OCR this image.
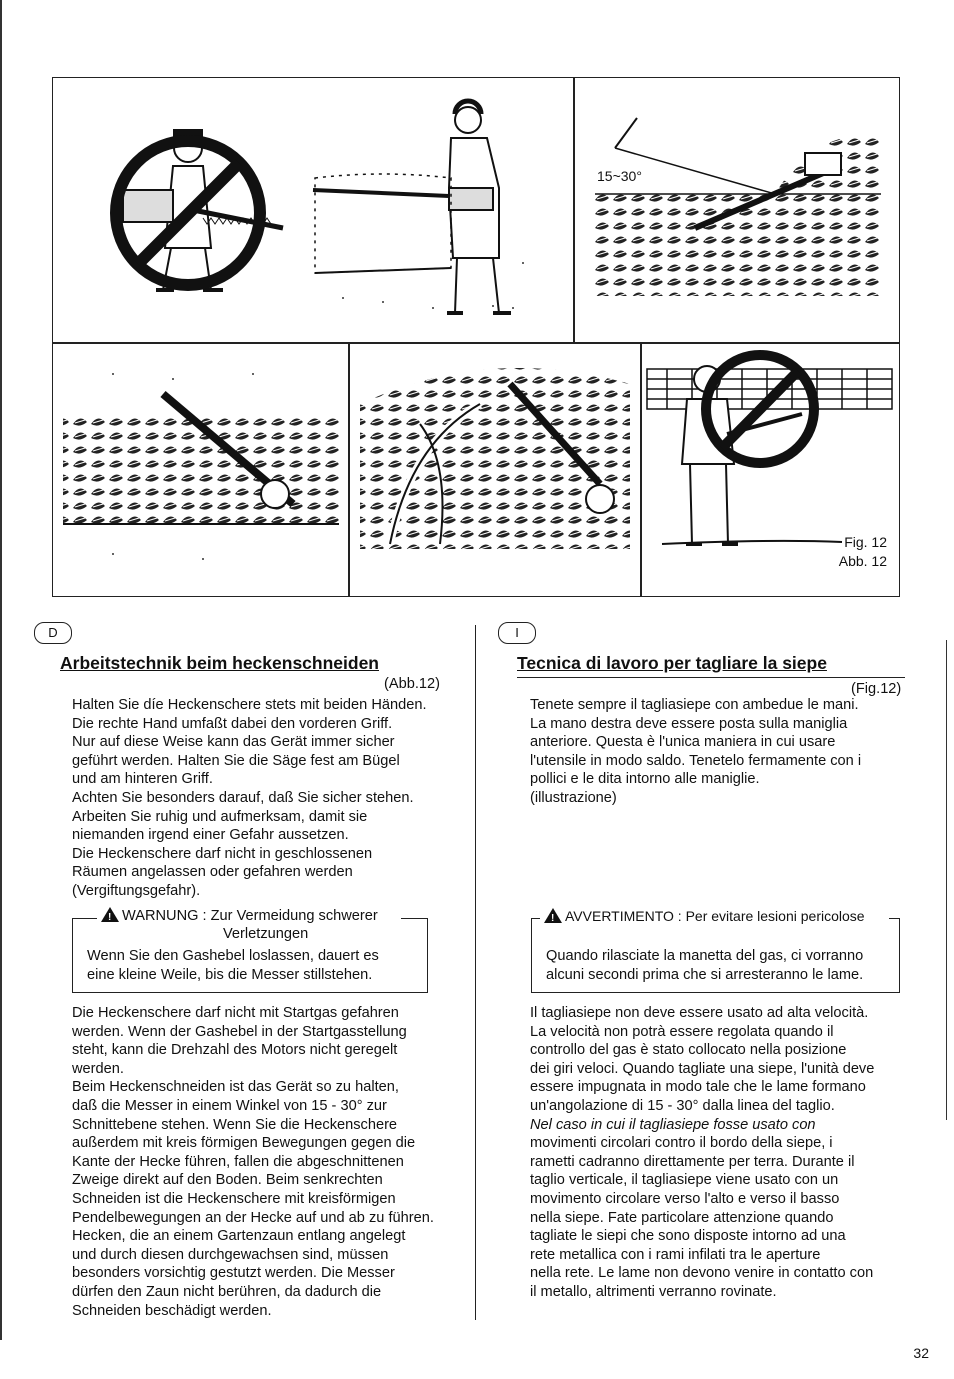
15~30°
Fig. 12
Abb. 12
D
Arbeitstechnik beim heckenschneiden
(Abb.12)

Halten Sie díe Heckenschere stets mit beiden Händen.

Die rechte Hand umfaßt dabei den vorderen Griff.

Nur auf diese Weise kann das Gerät immer sicher

geführt werden. Halten Sie die Säge fest am Bügel

und am hinteren Griff.

Achten Sie besonders darauf, daß Sie sicher stehen.

Arbeiten Sie ruhig und aufmerksam, damit sie

niemanden irgend einer Gefahr aussetzen.

Die Heckenschere darf nicht in geschlossenen

Räumen angelassen oder gefahren werden

(Vergiftungsgefahr).

!WARNUNG : Zur Vermeidung schwerer
Verletzungen
Wenn Sie den Gashebel loslassen, dauert es
eine kleine Weile, bis die Messer stillstehen.

Die Heckenschere darf nicht mit Startgas gefahren

werden. Wenn der Gashebel in der Startgasstellung

steht, kann die Drehzahl des Motors nicht geregelt

werden.

Beim Heckenschneiden ist das Gerät so zu halten,

daß die Messer in einem Winkel von 15 - 30° zur

Schnittebene stehen. Wenn Sie die Heckenschere

außerdem mit kreis förmigen Bewegungen gegen die

Kante der Hecke führen, fallen die abgeschnittenen

Zweige direkt auf den Boden. Beim senkrechten

Schneiden ist die Heckenschere mit kreisförmigen

Pendelbewegungen an der Hecke auf und ab zu führen.

Hecken, die an einem Gartenzaun entlang angelegt

und durch diesen durchgewachsen sind, müssen

besonders vorsichtig gestutzt werden. Die Messer

dürfen den Zaun nicht berühren, da dadurch die

Schneiden beschädigt werden.

I
Tecnica di lavoro per tagliare la siepe
(Fig.12)

Tenete sempre il tagliasiepe con ambedue le mani.

La mano destra deve essere posta sulla maniglia

anteriore. Questa è l'unica maniera in cui usare

l'utensile in modo saldo. Tenetelo fermamente con i

pollici e le dita intorno alle maniglie.

(illustrazione)

!AVVERTIMENTO : Per evitare lesioni pericolose
Quando rilasciate la manetta del gas, ci vorranno
alcuni secondi prima che si arresteranno le lame.

Il tagliasiepe non deve essere usato ad alta velocità.

La velocità non potrà essere regolata quando il

controllo del gas è stato collocato nella posizione

dei giri veloci. Quando tagliate una siepe, l'unità deve

essere impugnata in modo tale che le lame formano

un'angolazione di 15 - 30° dalla linea del taglio.

Nel caso in cui il tagliasiepe fosse usato con

movimenti circolari contro il bordo della siepe, i

rametti cadranno direttamente per terra. Durante il

taglio verticale, il tagliasiepe viene usato con un

movimento circolare verso l'alto e verso il basso

nella siepe. Fate particolare attenzione quando

tagliate le siepi che sono disposte intorno ad una

rete metallica con i rami infilati tra le aperture

nella rete. Le lame non devono venire in contatto con

il metallo, altrimenti verranno rovinate.

32
